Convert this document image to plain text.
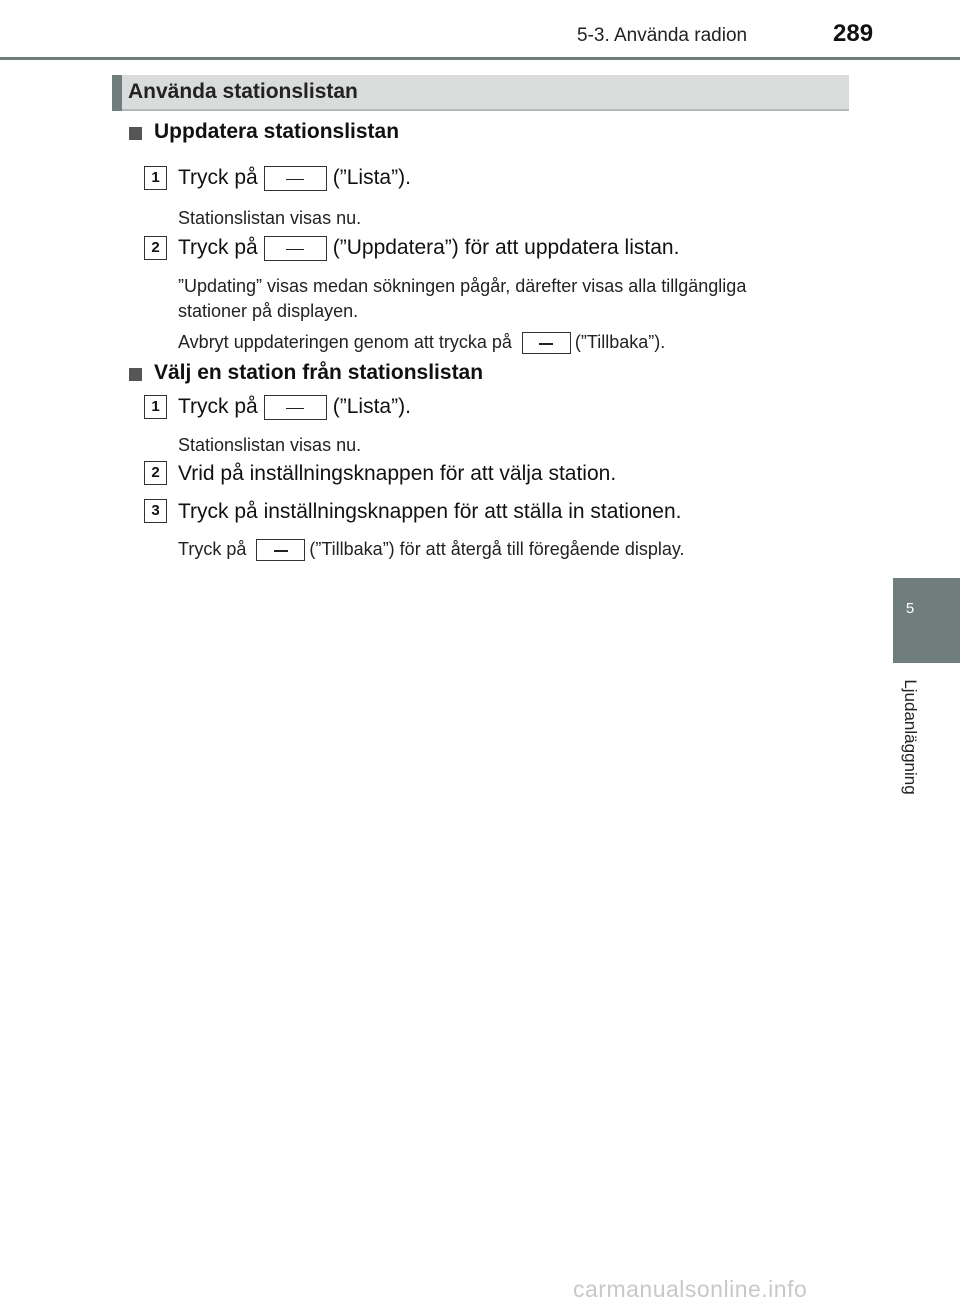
5-3. Använda radion	289
5
Ljudanläggning
Använda stationslistan
Uppdatera stationslistan
1 Tryck på	(”Lista”).
Stationslistan visas nu.
2 Tryck på	(”Uppdatera”) för att uppdatera listan.
”Updating” visas medan sökningen pågår, därefter visas alla tillgängliga
stationer på displayen.
Avbryt uppdateringen genom att trycka på	(”Tillbaka”).
Välj en station från stationslistan
1 Tryck på	(”Lista”).
Stationslistan visas nu.
2 Vrid på inställningsknappen för att välja station.
3 Tryck på inställningsknappen för att ställa in stationen.
Tryck på	(”Tillbaka”) för att återgå till föregående display.
carmanualsonline.info
